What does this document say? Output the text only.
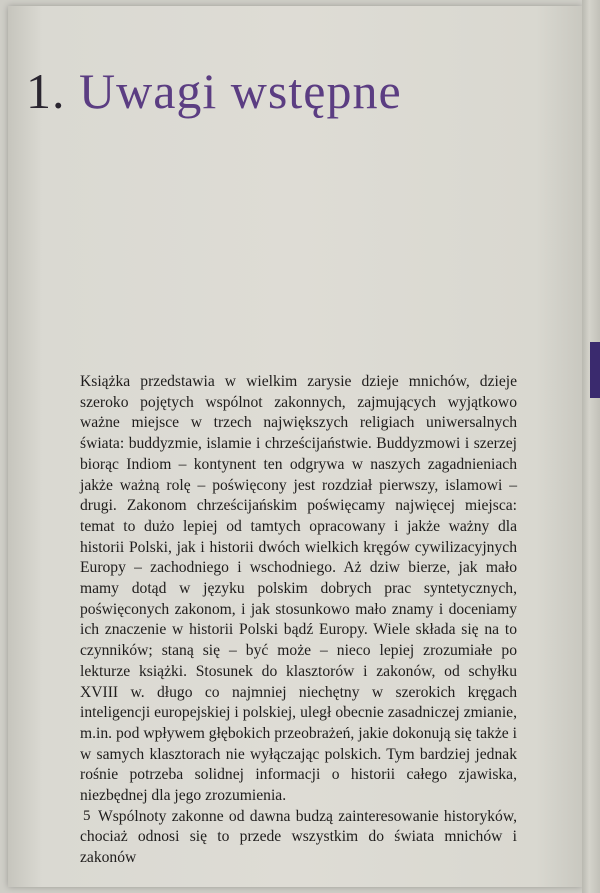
1. Uwagi wstępne

Książka przedstawia w wielkim zarysie dzieje mnichów, dzieje szeroko pojętych wspólnot zakonnych, zajmujących wyjątkowo ważne miejsce w trzech największych religiach uniwersalnych świata: buddyzmie, islamie i chrześcijaństwie. Buddyzmowi i szerzej biorąc Indiom – kontynent ten odgrywa w naszych zagadnieniach jakże ważną rolę – poświęcony jest rozdział pierwszy, islamowi – drugi. Zakonom chrześcijańskim poświęcamy najwięcej miejsca: temat to dużo lepiej od tamtych opracowany i jakże ważny dla historii Polski, jak i historii dwóch wielkich kręgów cywilizacyjnych Europy – zachodniego i wschodniego. Aż dziw bierze, jak mało mamy dotąd w języku polskim dobrych prac syntetycznych, poświęconych zakonom, i jak stosunkowo mało znamy i doceniamy ich znaczenie w historii Polski bądź Europy. Wiele składa się na to czynników; staną się – być może – nieco lepiej zrozumiałe po lekturze książki. Stosunek do klasztorów i zakonów, od schyłku XVIII w. długo co najmniej niechętny w szerokich kręgach inteligencji europejskiej i polskiej, uległ obecnie zasadniczej zmianie, m.in. pod wpływem głębokich przeobrażeń, jakie dokonują się także i w samych klasztorach nie wyłączając polskich. Tym bardziej jednak rośnie potrzeba solidnej informacji o historii całego zjawiska, niezbędnej dla jego zrozumienia.

Wspólnoty zakonne od dawna budzą zainteresowanie historyków, chociaż odnosi się to przede wszystkim do świata mnichów i zakonów

5
